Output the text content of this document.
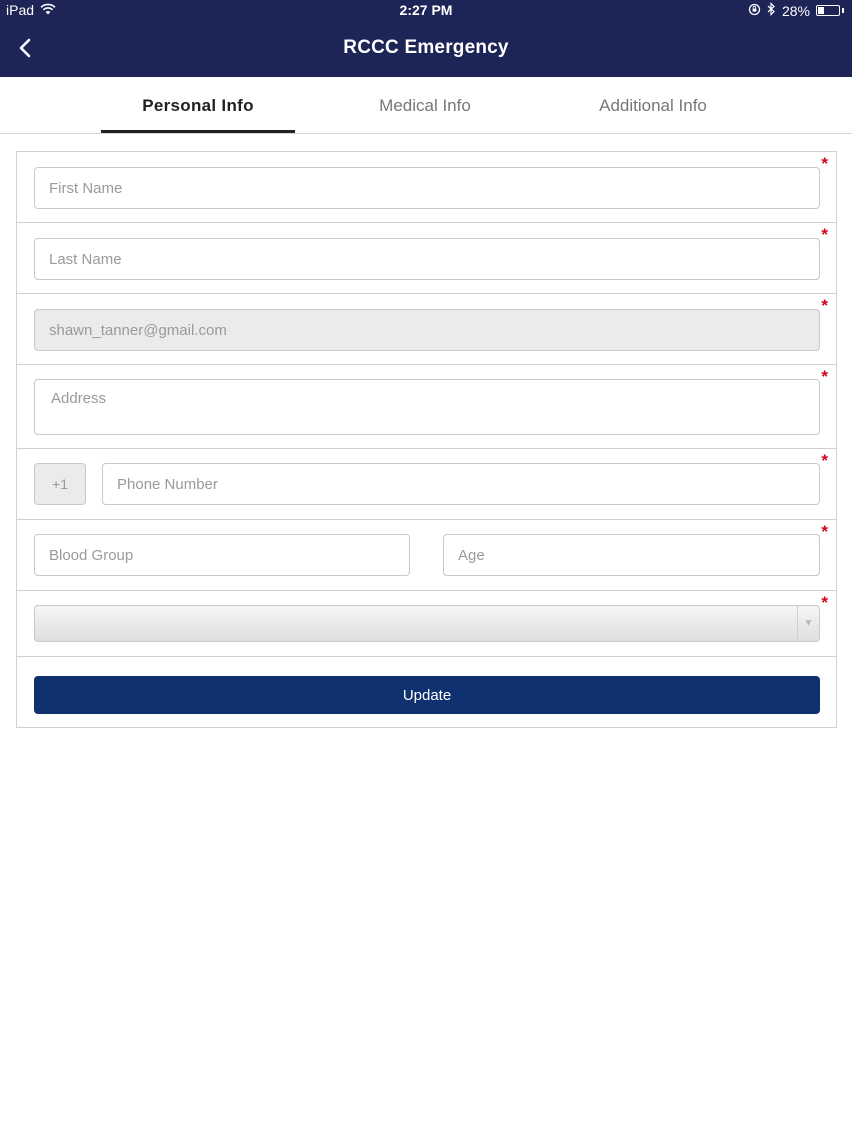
iPad	2:27 PM	28%
RCCC Emergency
Personal Info	Medical Info	Additional Info
*
First Name
*
Last Name
*
shawn_tanner@gmail.com
*
Address
*
+1
Phone Number
*
Blood Group
Age
*
▼
Update
